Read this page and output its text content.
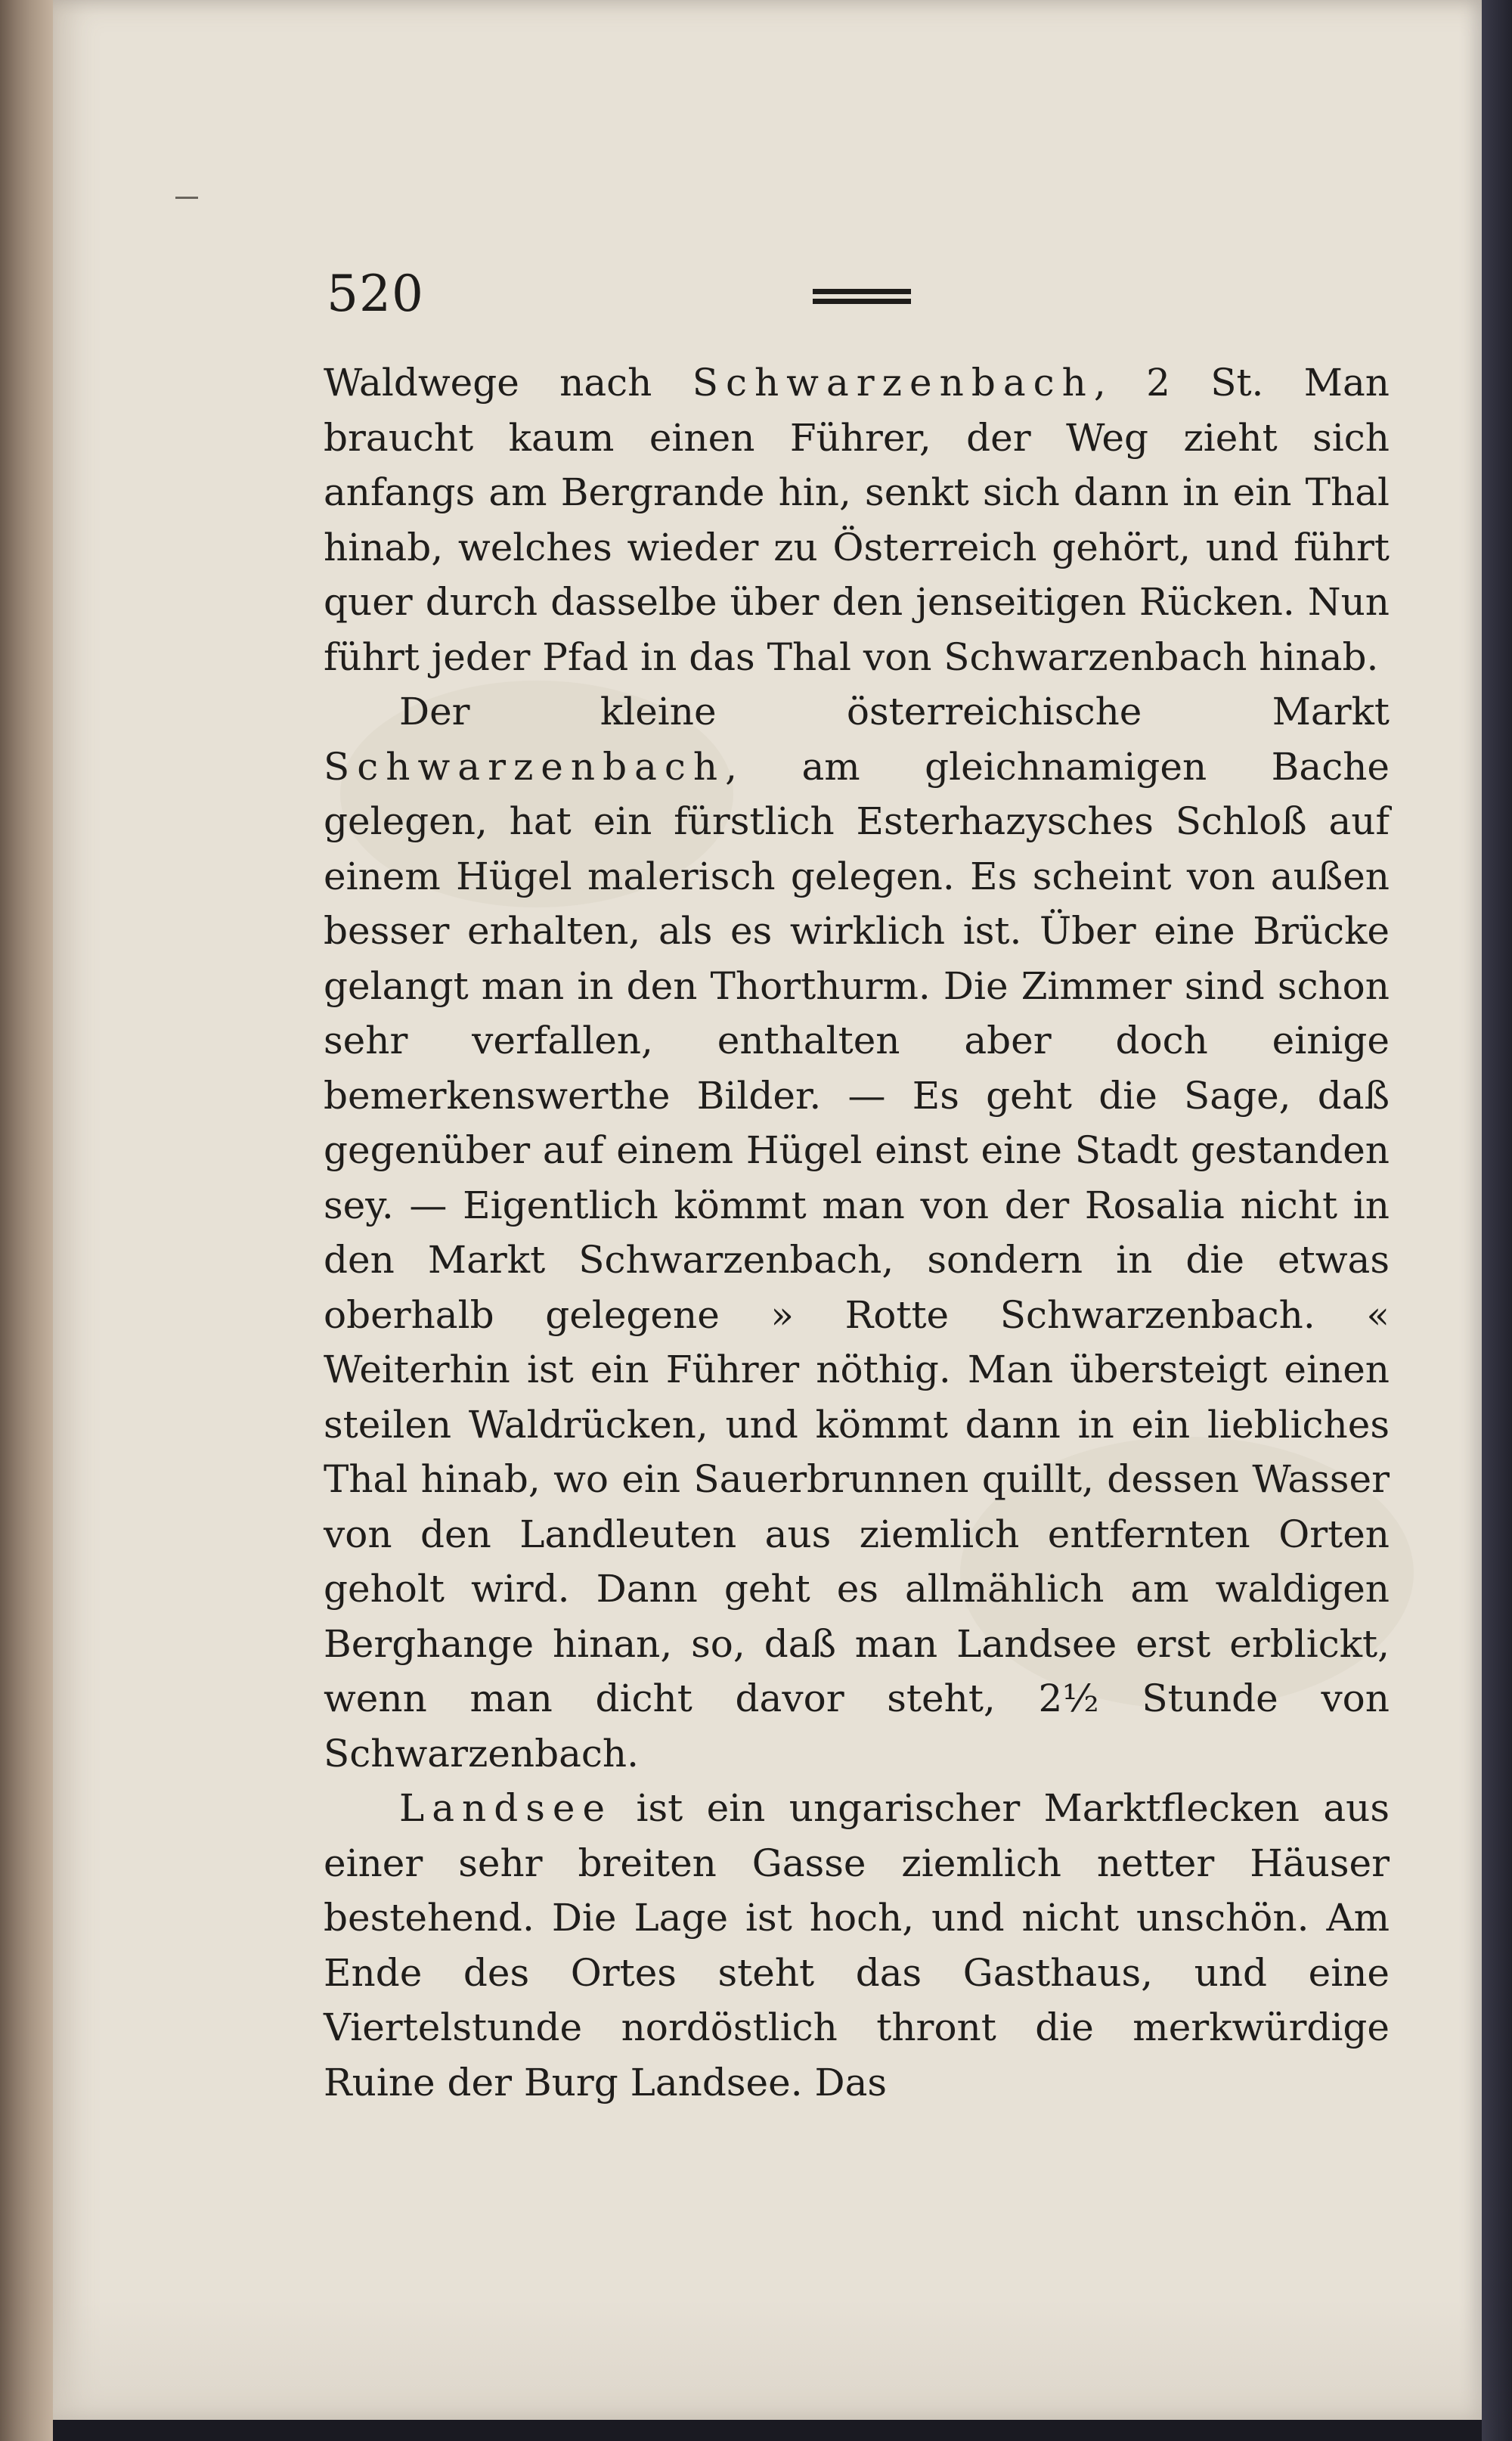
520

Waldwege nach Schwarzenbach, 2 St. Man braucht kaum einen Führer, der Weg zieht sich anfangs am Bergrande hin, senkt sich dann in ein Thal hinab, welches wieder zu Österreich gehört, und führt quer durch dasselbe über den jenseitigen Rücken. Nun führt jeder Pfad in das Thal von Schwarzenbach hinab.

Der kleine österreichische Markt Schwarzenbach, am gleichnamigen Bache gelegen, hat ein fürstlich Esterhazysches Schloß auf einem Hügel malerisch gelegen. Es scheint von außen besser erhalten, als es wirklich ist. Über eine Brücke gelangt man in den Thorthurm. Die Zimmer sind schon sehr verfallen, enthalten aber doch einige bemerkenswerthe Bilder. — Es geht die Sage, daß gegenüber auf einem Hügel einst eine Stadt gestanden sey. — Eigentlich kömmt man von der Rosalia nicht in den Markt Schwarzenbach, sondern in die etwas oberhalb gelegene » Rotte Schwarzenbach. « Weiterhin ist ein Führer nöthig. Man übersteigt einen steilen Waldrücken, und kömmt dann in ein liebliches Thal hinab, wo ein Sauerbrunnen quillt, dessen Wasser von den Landleuten aus ziemlich entfernten Orten geholt wird. Dann geht es allmählich am waldigen Berghange hinan, so, daß man Landsee erst erblickt, wenn man dicht davor steht, 2½ Stunde von Schwarzenbach.

Landsee ist ein ungarischer Marktflecken aus einer sehr breiten Gasse ziemlich netter Häuser bestehend. Die Lage ist hoch, und nicht unschön. Am Ende des Ortes steht das Gasthaus, und eine Viertelstunde nordöstlich thront die merkwürdige Ruine der Burg Landsee. Das
